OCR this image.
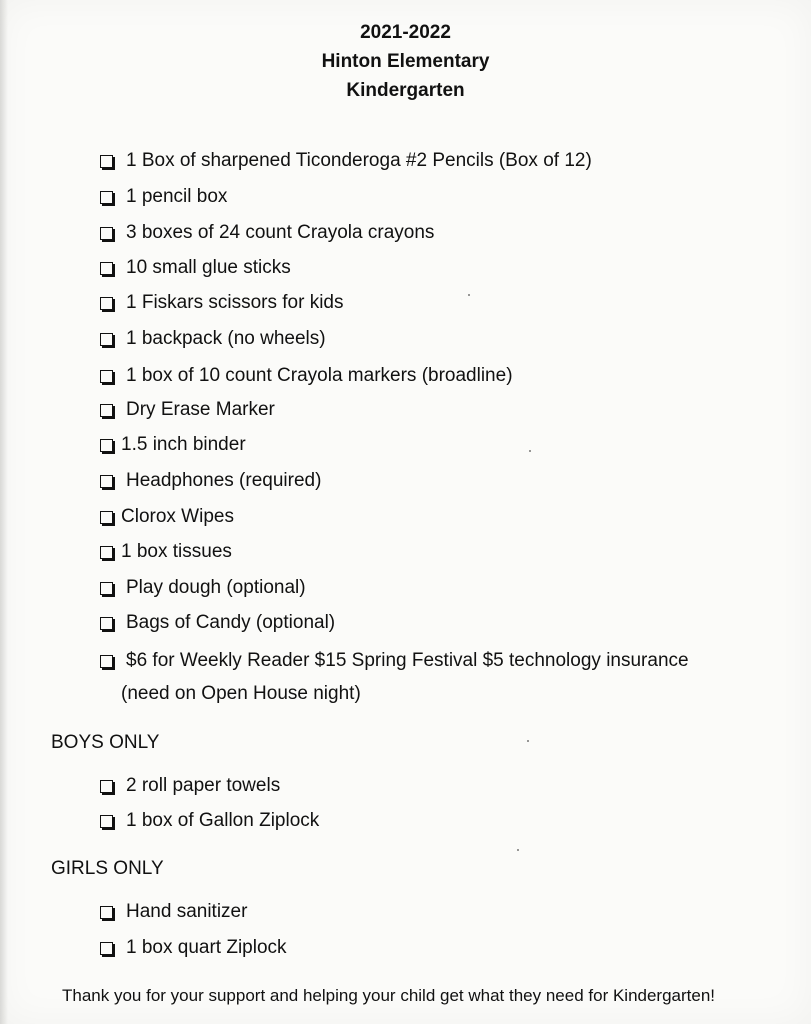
2021-2022
Hinton Elementary
Kindergarten
1 Box of sharpened Ticonderoga #2 Pencils (Box of 12)
1 pencil box
3 boxes of 24 count Crayola crayons
10 small glue sticks
1 Fiskars scissors for kids
1 backpack (no wheels)
1 box of 10 count Crayola markers (broadline)
Dry Erase Marker
1.5 inch binder
Headphones (required)
Clorox Wipes
1 box tissues
Play dough (optional)
Bags of Candy (optional)
$6 for Weekly Reader $15 Spring Festival $5 technology insurance
(need on Open House night)
BOYS ONLY
2 roll paper towels
1 box of Gallon Ziplock
GIRLS ONLY
Hand sanitizer
1 box quart Ziplock
Thank you for your support and helping your child get what they need for Kindergarten!
